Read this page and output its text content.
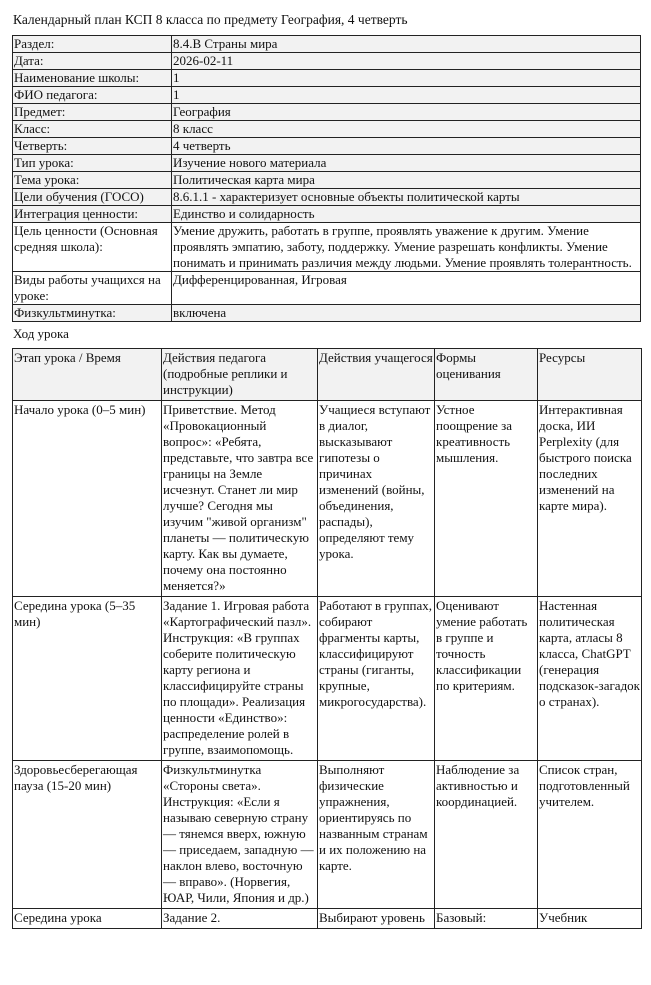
Календарный план КСП 8 класса по предмету География, 4 четверть
Раздел:	8.4.В Страны мира
Дата:	2026-02-11
Наименование школы:	1
ФИО педагога:	1
Предмет:	География
Класс:	8 класс
Четверть:	4 четверть
Тип урока:	Изучение нового материала
Тема урока:	Политическая карта мира
Цели обучения (ГОСО)	8.6.1.1 - характеризует основные объекты политической карты
Интеграция ценности:	Единство и солидарность
Цель ценности (Основная средняя школа):	Умение дружить, работать в группе, проявлять уважение к другим. Умение проявлять эмпатию, заботу, поддержку. Умение разрешать конфликты. Умение понимать и принимать различия между людьми. Умение проявлять толерантность.
Виды работы учащихся на уроке:	Дифференцированная, Игровая
Физкультминутка:	включена
Ход урока
Этап урока / Время	Действия педагога (подробные реплики и инструкции)	Действия учащегося	Формы оценивания	Ресурсы
Начало урока (0–5 мин)	Приветствие. Метод «Провокационный вопрос»: «Ребята, представьте, что завтра все границы на Земле исчезнут. Станет ли мир лучше? Сегодня мы изучим "живой организм" планеты — политическую карту. Как вы думаете, почему она постоянно меняется?»	Учащиеся вступают в диалог, высказывают гипотезы о причинах изменений (войны, объединения, распады), определяют тему урока.	Устное поощрение за креативность мышления.	Интерактивная доска, ИИ Perplexity (для быстрого поиска последних изменений на карте мира).
Середина урока (5–35 мин)	Задание 1. Игровая работа «Картографический пазл». Инструкция: «В группах соберите политическую карту региона и классифицируйте страны по площади». Реализация ценности «Единство»: распределение ролей в группе, взаимопомощь.	Работают в группах, собирают фрагменты карты, классифицируют страны (гиганты, крупные, микрогосударства).	Оценивают умение работать в группе и точность классификации по критериям.	Настенная политическая карта, атласы 8 класса, ChatGPT (генерация подсказок-загадок о странах).
Здоровьесберегающая пауза (15-20 мин)	Физкультминутка «Стороны света». Инструкция: «Если я называю северную страну — тянемся вверх, южную — приседаем, западную — наклон влево, восточную — вправо». (Норвегия, ЮАР, Чили, Япония и др.)	Выполняют физические упражнения, ориентируясь по названным странам и их положению на карте.	Наблюдение за активностью и координацией.	Список стран, подготовленный учителем.
Середина урока	Задание 2.	Выбирают уровень	Базовый:	Учебник
